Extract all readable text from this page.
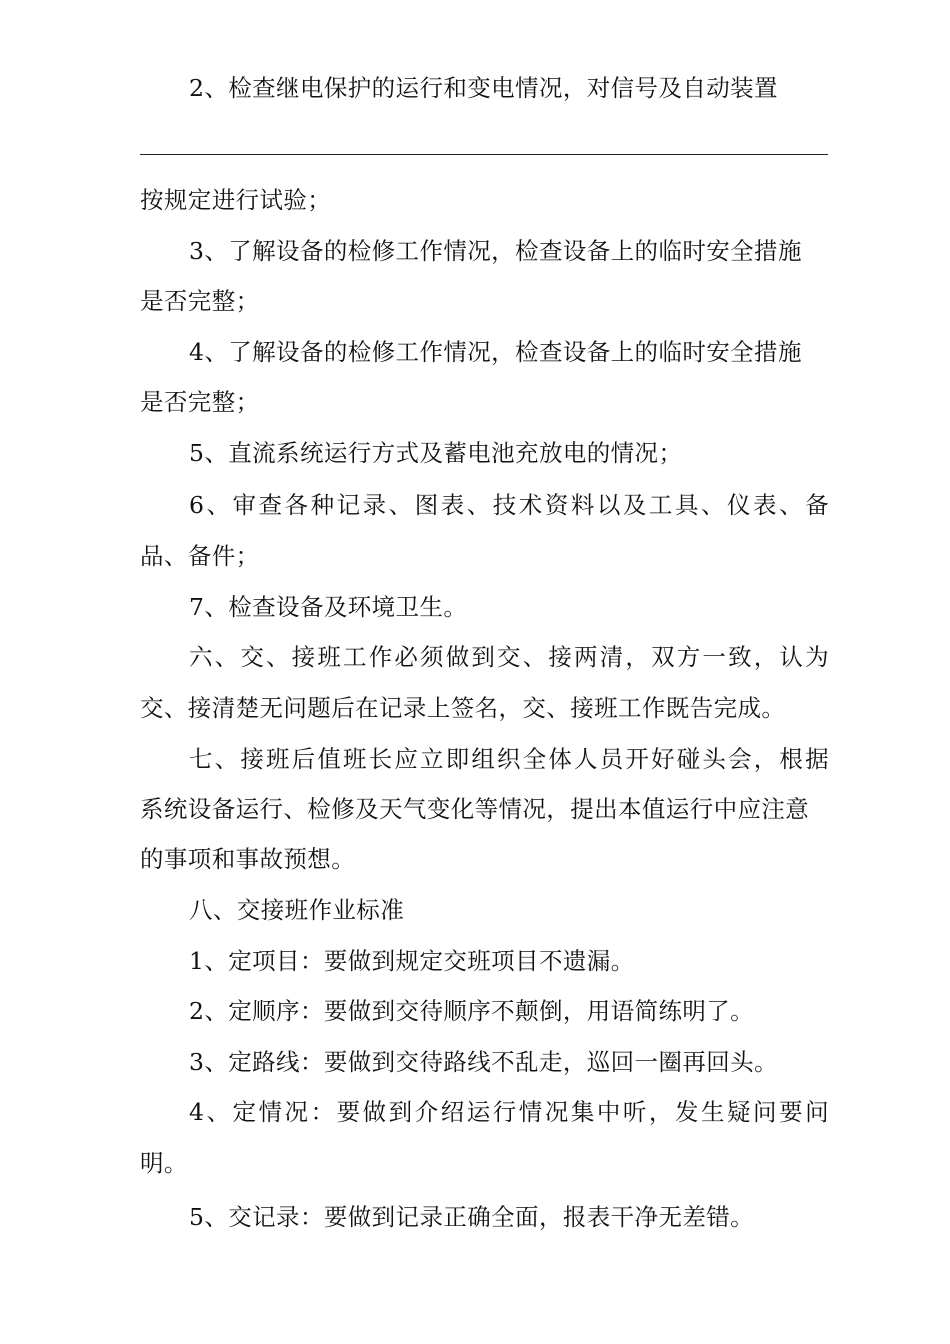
2、检查继电保护的运行和变电情况，对信号及自动装置

按规定进行试验；

3、了解设备的检修工作情况，检查设备上的临时安全措施

是否完整；

4、了解设备的检修工作情况，检查设备上的临时安全措施

是否完整；

5、直流系统运行方式及蓄电池充放电的情况；

6、审查各种记录、图表、技术资料以及工具、仪表、备

品、备件；

7、检查设备及环境卫生。

六、交、接班工作必须做到交、接两清，双方一致，认为

交、接清楚无问题后在记录上签名，交、接班工作既告完成。

七、接班后值班长应立即组织全体人员开好碰头会，根据

系统设备运行、检修及天气变化等情况，提出本值运行中应注意

的事项和事故预想。

八、交接班作业标准

1、定项目：要做到规定交班项目不遗漏。

2、定顺序：要做到交待顺序不颠倒，用语简练明了。

3、定路线：要做到交待路线不乱走，巡回一圈再回头。

4、定情况：要做到介绍运行情况集中听，发生疑问要问

明。

5、交记录：要做到记录正确全面，报表干净无差错。
